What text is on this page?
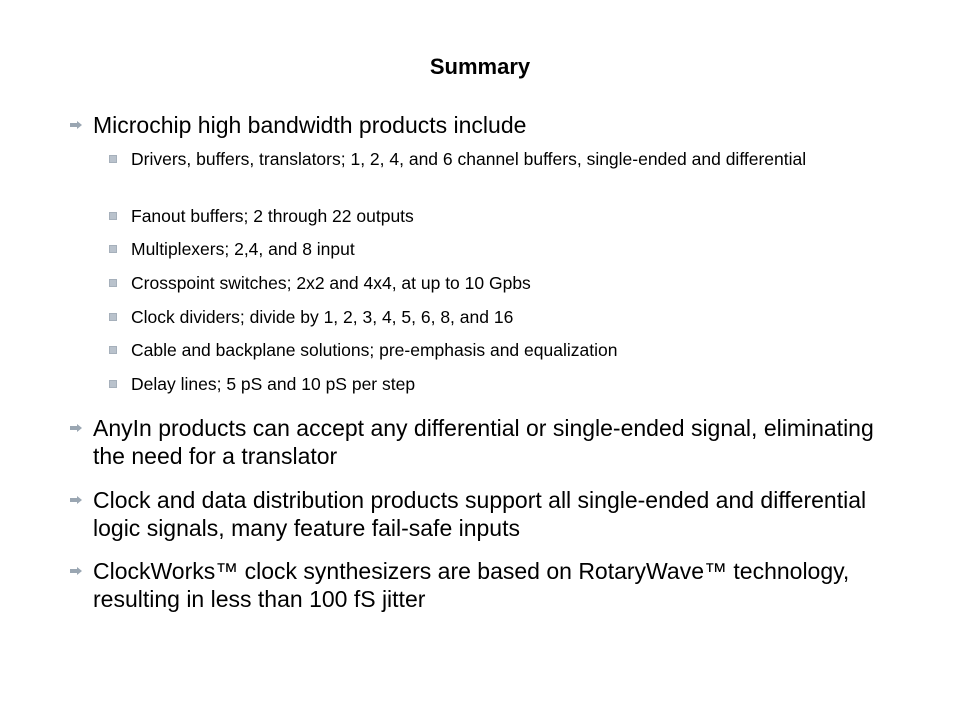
Summary
Microchip high bandwidth products include
Drivers, buffers, translators; 1, 2, 4, and 6 channel buffers, single-ended and differential
Fanout buffers; 2 through 22 outputs
Multiplexers; 2,4, and 8 input
Crosspoint switches; 2x2 and 4x4, at up to 10 Gpbs
Clock dividers; divide by 1, 2, 3, 4, 5, 6, 8, and 16
Cable and backplane solutions; pre-emphasis and equalization
Delay lines; 5 pS and 10 pS per step
AnyIn products can accept any differential or single-ended signal, eliminating the need for a translator
Clock and data distribution products support all single-ended and differential logic signals, many feature fail-safe inputs
ClockWorks™ clock synthesizers are based on RotaryWave™ technology, resulting in less than 100 fS jitter
